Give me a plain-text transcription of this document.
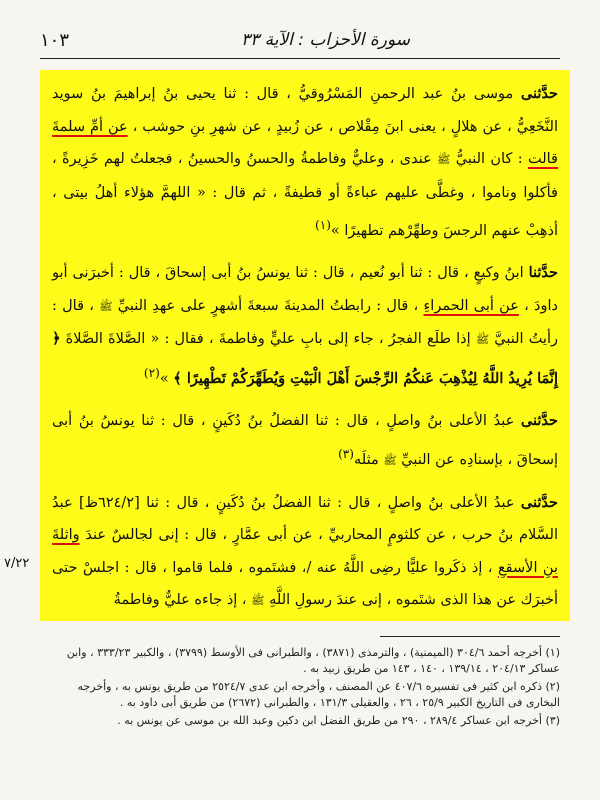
سورة الأحزاب : الآية ٣٣
١٠٣

حدَّثنى موسى بنُ عبد الرحمنِ المَسْرُوقيُّ ، قال : ثنا يحيى بنُ إبراهيمَ بنُ سويد النَّخَعِيُّ ، عن هلالٍ ، يعنى ابنَ مِقْلاص ، عن زُبيدٍ ، عن شهرِ بنِ حوشب ، عن أمِّ سلمةَ قالت : كان النبيُّ ﷺ عندى ، وعليٌّ وفاطمةُ والحسنُ والحسينُ ، فجعلتُ لهم خَزِيرةً ، فأكلوا وناموا ، وغطَّى عليهم عباءةً أو قطيفةً ، ثم قال : « اللهمَّ هؤلاء أهلُ بيتى ، أذهِبْ عنهم الرجسَ وطهِّرْهم تطهيرًا »$^{(١)}$

حدَّثنا ابنُ وكيعٍ ، قال : ثنا أبو نُعيم ، قال : ثنا يونسُ بنُ أبى إسحاقَ ، قال : أخبرَنى أبو داودَ ، عن أبى الحمراءِ ، قال : رابطتُ المدينةَ سبعةَ أشهرٍ على عهدِ النبيِّ ﷺ ، قال : رأيتُ النبيَّ ﷺ إذا طلَع الفجرُ ، جاء إلى بابِ عليٍّ وفاطمةَ ، فقال : « الصَّلاةَ الصَّلاةَ ﴿ إِنَّمَا يُرِيدُ اللَّهُ لِيُذْهِبَ عَنكُمُ الرِّجْسَ أَهْلَ الْبَيْتِ وَيُطَهِّرَكُمْ تَطْهِيرًا ﴾ »$^{(٢)}$

حدَّثنى عبدُ الأعلى بنُ واصلٍ ، قال : ثنا الفضلُ بنُ دُكَينٍ ، قال : ثنا يونسُ بنُ أبى إسحاقَ ، بإسنادِه عن النبيِّ ﷺ مثلَه$^{(٣)}$

حدَّثنى عبدُ الأعلى بنُ واصلٍ ، قال : ثنا الفضلُ بنُ دُكَينٍ ، قال : ثنا [٦٢٤/٢ظ] عبدُ السَّلام بنُ حرب ، عن كلثومٍ المحاربيِّ ، عن أبى عمَّارٍ ، قال : إنى لجالسٌ عندَ واثلةَ بنِ الأسقعِ ، إذ ذكَروا عليًّا رضِى اللَّهُ عنه /، فشتَموه ، فلما قاموا ، قال : اجلسْ حتى أخبرَك عن هذا الذى شتَموه ، إنى عندَ رسولِ اللَّهِ ﷺ ، إذ جاءه عليٌّ وفاطمةُ

٧/٢٢

(١) أخرجه أحمد ٣٠٤/٦ (الميمنية) ، والترمذى (٣٨٧١) ، والطبرانى فى الأوسط (٣٧٩٩) ، والكبير ٣٣٣/٢٣ ، وابن عساكر ٢٠٤/١٣ ، ١٣٩/١٤ ، ١٤٠ ، ١٤٣ من طريق زبيد به .

(٢) ذكره ابن كثير فى تفسيره ٤٠٧/٦ عن المصنف ، وأخرجه ابن عدى ٢٥٢٤/٧ من طريق يونس به ، وأخرجه البخارى فى التاريخ الكبير ٢٥/٩ ، ٢٦ ، والعقيلى ١٣١/٣ ، والطبرانى (٢٦٧٢) من طريق أبى داود به .

(٣) أخرجه ابن عساكر ٢٨٩/٤ ، ٢٩٠ من طريق الفضل ابن دكين وعبد الله بن موسى عن يونس به .
